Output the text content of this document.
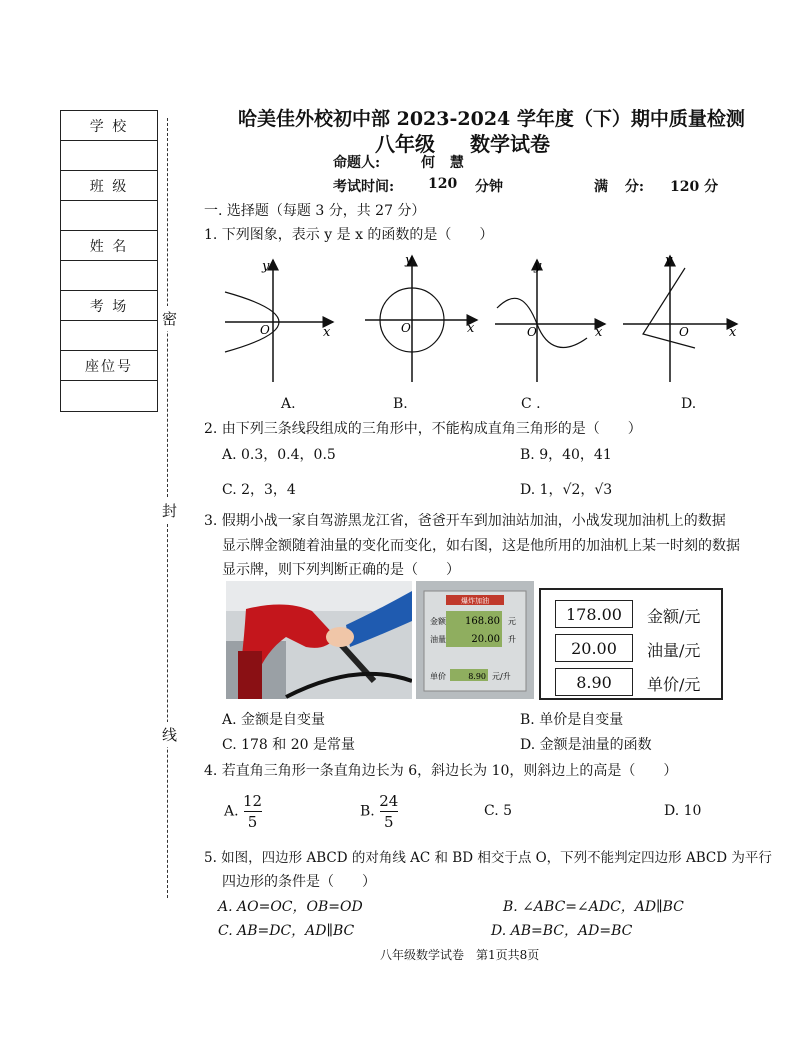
学 校
班 级
姓 名
考 场
座位号
密
封
线
哈美佳外校初中部 2023-2024 学年度（下）期中质量检测
八年级 数学试卷
命题人:	何 慧
考试时间: 120 分钟	满 分: 120 分
一. 选择题（每题 3 分，共 27 分）
1. 下列图象，表示 y 是 x 的函数的是（　　）
O	x
y
O	x
y
O	x
y
O	x
y
A.	B.	C .	D.
2. 由下列三条线段组成的三角形中，不能构成直角三角形的是（　　）
A. 0.3，0.4，0.5	B. 9，40，41
C. 2，3，4	D. 1，√2，√3
3. 假期小战一家自驾游黑龙江省，爸爸开车到加油站加油，小战发现加油机上的数据
显示牌金额随着油量的变化而变化，如右图，这是他所用的加油机上某一时刻的数据
显示牌，则下列判断正确的是（　　）
爆炸加油
金额 168.80 元
油量	20.00 升
单价	8.90 元/升
178.00	金额/元
20.00	油量/元
8.90	单价/元
A. 金额是自变量	B. 单价是自变量
C. 178 和 20 是常量	D. 金额是油量的函数
4. 若直角三角形一条直角边长为 6，斜边长为 10，则斜边上的高是（　　）
A. $\frac{12}{5}$	B. $\frac{24}{5}$	C. 5	D. 10
5. 如图，四边形 ABCD 的对角线 AC 和 BD 相交于点 O，下列不能判定四边形 ABCD 为平行
四边形的条件是（　　）
A. AO=OC，OB=OD	B. ∠ABC=∠ADC，AD∥BC
C. AB=DC，AD∥BC	D. AB=BC，AD=BC
八年级数学试卷　第1页共8页
